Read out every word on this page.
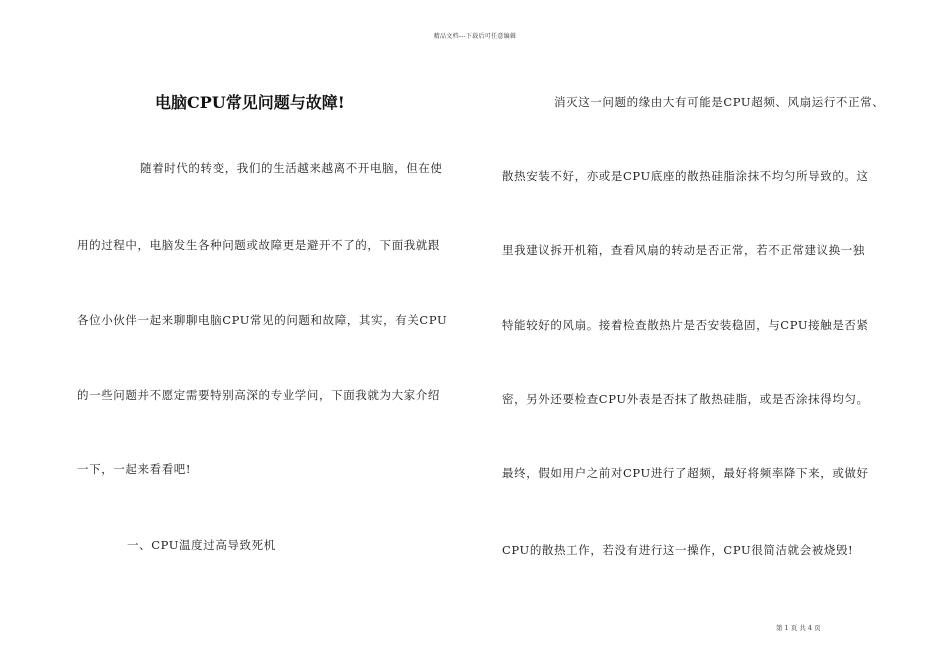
精品文档---下载后可任意编辑
电脑CPU常见问题与故障!
随着时代的转变，我们的生活越来越离不开电脑，但在使
用的过程中，电脑发生各种问题或故障更是避开不了的，下面我就跟
各位小伙伴一起来聊聊电脑CPU常见的问题和故障，其实，有关CPU
的一些问题并不愿定需要特别高深的专业学问，下面我就为大家介绍
一下，一起来看看吧!
一、CPU温度过高导致死机
消灭这一问题的缘由大有可能是CPU超频、风扇运行不正常、
散热安装不好，亦或是CPU底座的散热硅脂涂抹不均匀所导致的。这
里我建议拆开机箱，查看风扇的转动是否正常，若不正常建议换一独
特能较好的风扇。接着检查散热片是否安装稳固，与CPU接触是否紧
密，另外还要检查CPU外表是否抹了散热硅脂，或是否涂抹得均匀。
最终，假如用户之前对CPU进行了超频，最好将频率降下来，或做好
CPU的散热工作，若没有进行这一操作，CPU很简洁就会被烧毁!
第 1 页 共 4 页
